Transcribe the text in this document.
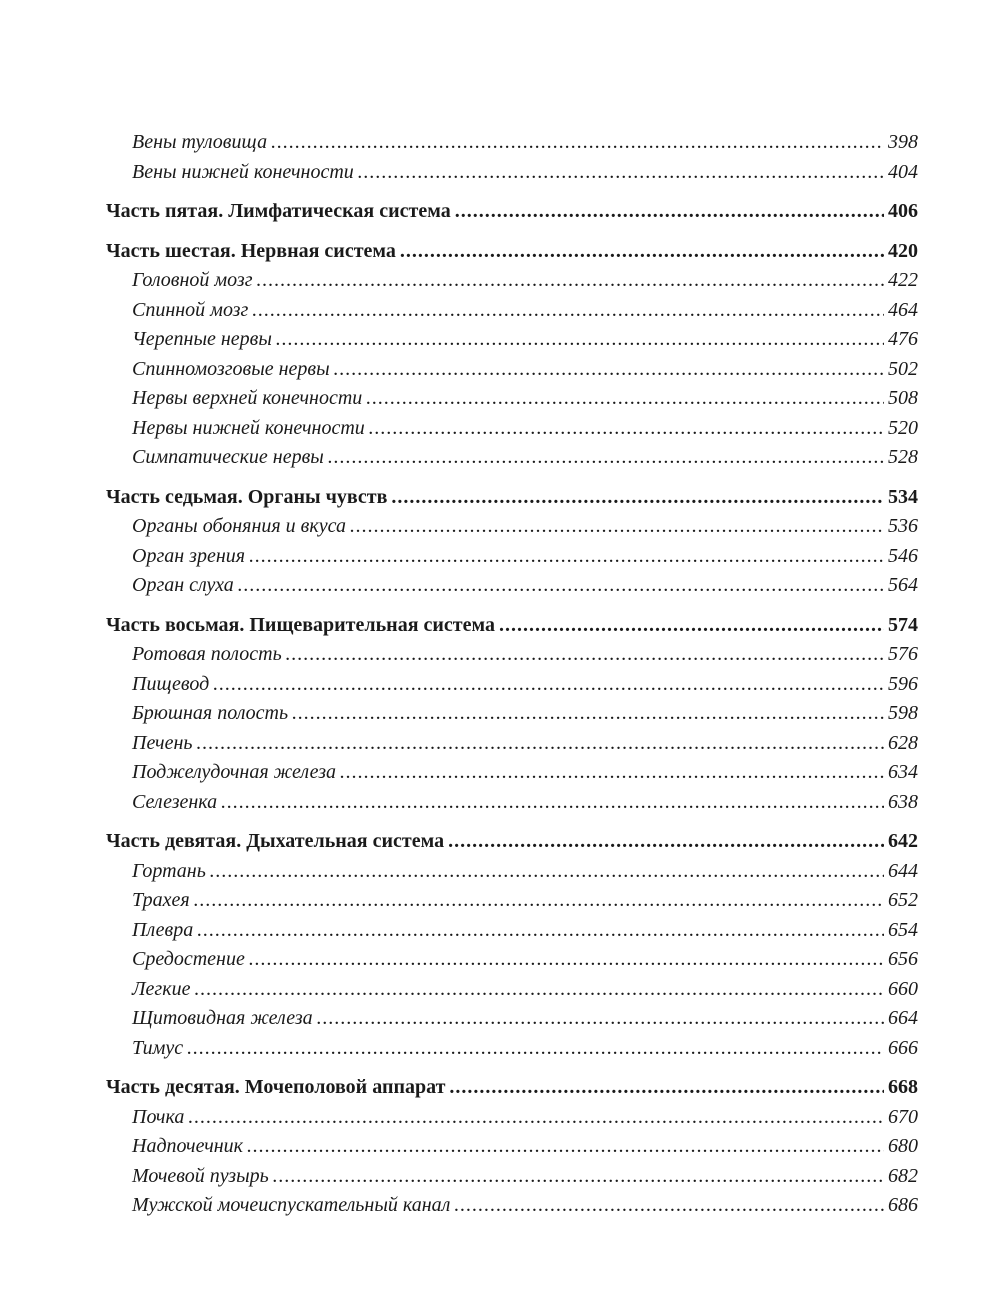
Вены туловища .....	398
Вены нижней конечности .....	404
Часть пятая. Лимфатическая система .....	406
Часть шестая. Нервная система .....	420
Головной мозг .....	422
Спинной мозг .....	464
Черепные нервы .....	476
Спинномозговые нервы .....	502
Нервы верхней конечности .....	508
Нервы нижней конечности .....	520
Симпатические нервы .....	528
Часть седьмая. Органы чувств .....	534
Органы обоняния и вкуса .....	536
Орган зрения .....	546
Орган слуха .....	564
Часть восьмая. Пищеварительная система .....	574
Ротовая полость .....	576
Пищевод .....	596
Брюшная полость .....	598
Печень .....	628
Поджелудочная железа .....	634
Селезенка .....	638
Часть девятая. Дыхательная система .....	642
Гортань .....	644
Трахея .....	652
Плевра .....	654
Средостение .....	656
Легкие .....	660
Щитовидная железа .....	664
Тимус .....	666
Часть десятая. Мочеполовой аппарат .....	668
Почка .....	670
Надпочечник .....	680
Мочевой пузырь .....	682
Мужской мочеиспускательный канал .....	686
